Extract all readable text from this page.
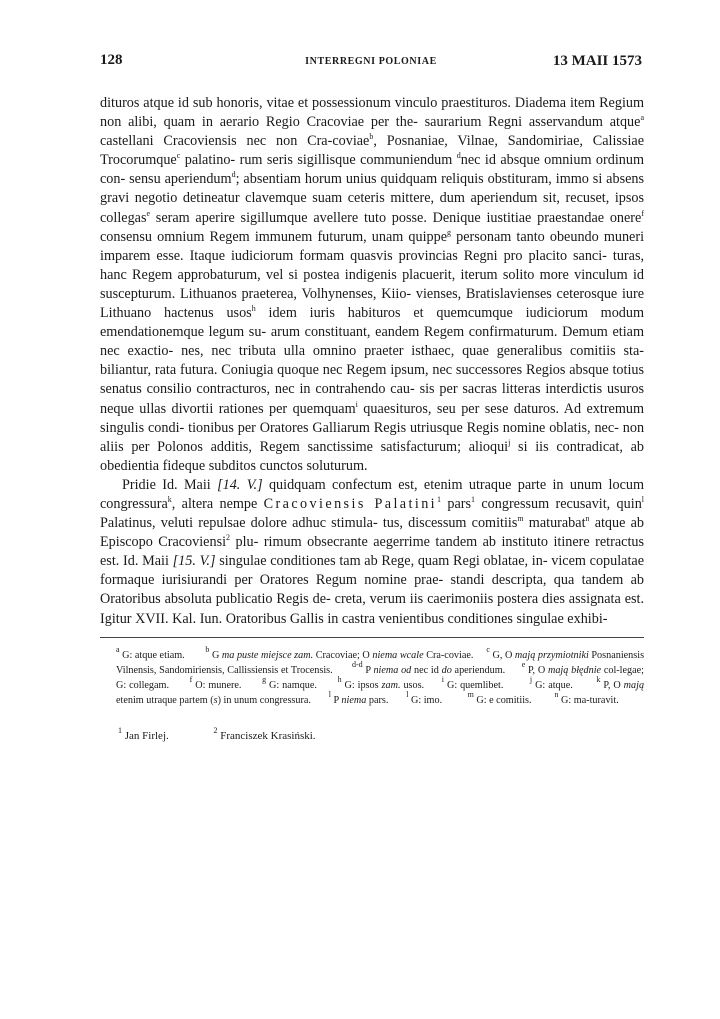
128	INTERREGNI POLONIAE	13 MAII 1573

dituros atque id sub honoris, vitae et possessionum vinculo praestituros. Diadema item Regium non alibi, quam in aerario Regio Cracoviae per the- saurarium Regni asservandum atque$^a$ castellani Cracoviensis nec non Cra-coviae$^b$, Posnaniae, Vilnae, Sandomiriae, Calissiae Trocorumque$^c$ palatino- rum seris sigillisque communiendum $^d$nec id absque omnium ordinum con- sensu aperiendum$^d$; absentiam horum unius quidquam reliquis obstituram, immo si absens gravi negotio detineatur clavemque suam ceteris mittere, dum aperiendum sit, recuset, ipsos collegas$^e$ seram aperire sigillumque avellere tuto posse. Denique iustitiae praestandae onere$^f$ consensu omnium Regem immunem futurum, unam quippe$^g$ personam tanto obeundo muneri imparem esse. Itaque iudiciorum formam quasvis provincias Regni pro placito sanci- turas, hanc Regem approbaturum, vel si postea indigenis placuerit, iterum solito more vinculum id suscepturum. Lithuanos praeterea, Volhynenses, Kiio- vienses, Bratislavienses ceterosque iure Lithuano hactenus usos$^h$ idem iuris habituros et quemcumque iudiciorum modum emendationemque legum su- arum constituant, eandem Regem confirmaturum. Demum etiam nec exactio- nes, nec tributa ulla omnino praeter isthaec, quae generalibus comitiis sta- biliantur, rata futura. Coniugia quoque nec Regem ipsum, nec successores Regios absque totius senatus consilio contracturos, nec in contrahendo cau- sis per sacras litteras interdictis usuros neque ullas divortii rationes per quemquam$^i$ quaesituros, seu per sese daturos. Ad extremum singulis condi- tionibus per Oratores Galliarum Regis utriusque Regis nomine oblatis, nec- non aliis per Polonos additis, Regem sanctissime satisfacturum; alioqui$^j$ si iis contradicat, ab obedientia fideque subditos cunctos soluturum.

Pridie Id. Maii [14. V.] quidquam confectum est, etenim utraque parte in unum locum congressura$^k$, altera nempe Cracoviensis Palatini$^1$ pars$^1$ congressum recusavit, quin$^l$ Palatinus, veluti repulsae dolore adhuc stimula- tus, discessum comitiis$^m$ maturabat$^n$ atque ab Episcopo Cracoviensi$^2$ plu- rimum obsecrante aegerrime tandem ab instituto itinere retractus est. Id. Maii [15. V.] singulae conditiones tam ab Rege, quam Regi oblatae, in- vicem copulatae formaque iurisiurandi per Oratores Regum nomine prae- standi descripta, qua tandem ab Oratoribus absoluta publicatio Regis de- creta, verum iis caerimoniis postera dies assignata est. Igitur XVII. Kal. Iun. Oratoribus Gallis in castra venientibus conditiones singulae exhibi-

$^a$ G: atque etiam.        $^b$ G ma puste miejsce zam. Cracoviae; O niema wcale Cra-coviae.     $^c$ G, O mają przymiotniki Posnaniensis Vilnensis, Sandomiriensis, Callissiensis et Trocensis.       $^{d-d}$ P niema od nec id do aperiendum.      $^e$ P, O mają błędnie col-legae; G: collegam.       $^f$ O: munere.       $^g$ G: namque.       $^h$ G: ipsos zam. usos.      $^i$ G: quemlibet.         $^j$ G: atque.        $^k$ P, O mają etenim utraque partem (s) in unum congressura.       $^l$ P niema pars.       $^l$ G: imo.          $^m$ G: e comitiis.         $^n$ G: ma-turavit.
$^1$ Jan Firlej.	$^2$ Franciszek Krasiński.
